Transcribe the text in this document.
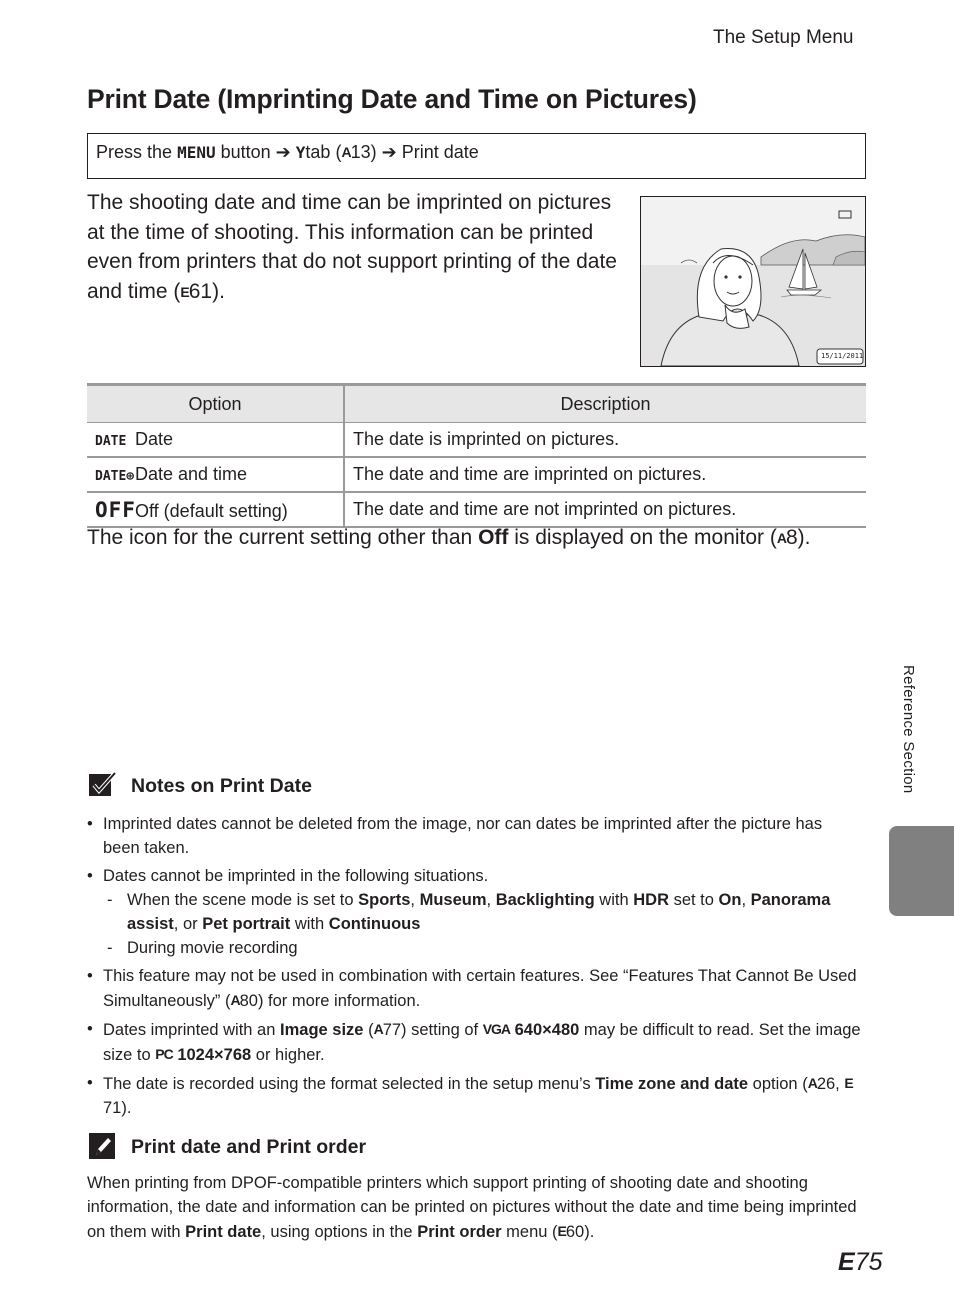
The Setup Menu
Print Date (Imprinting Date and Time on Pictures)
Press the MENU button ➔ Ytab (A13) ➔ Print date
The shooting date and time can be imprinted on pictures at the time of shooting. This information can be printed even from printers that do not support printing of the date and time (E61).
15/11/2011
Option	Description
DATE Date	The date is imprinted on pictures.
DATE⊕Date and time	The date and time are imprinted on pictures.
OFFOff (default setting)	The date and time are not imprinted on pictures.
The icon for the current setting other than Off is displayed on the monitor (A8).
Reference Section
Notes on Print Date
• Imprinted dates cannot be deleted from the image, nor can dates be imprinted after the picture has been taken.
• Dates cannot be imprinted in the following situations.
- When the scene mode is set to Sports, Museum, Backlighting with HDR set to On, Panorama assist, or Pet portrait with Continuous
- During movie recording
• This feature may not be used in combination with certain features. See “Features That Cannot Be Used Simultaneously” (A80) for more information.
• Dates imprinted with an Image size (A77) setting of VGA 640×480 may be difficult to read. Set the image size to PC 1024×768 or higher.
• The date is recorded using the format selected in the setup menu’s Time zone and date option (A26, E71).
Print date and Print order
When printing from DPOF-compatible printers which support printing of shooting date and shooting information, the date and information can be printed on pictures without the date and time being imprinted on them with Print date, using options in the Print order menu (E60).
E75
